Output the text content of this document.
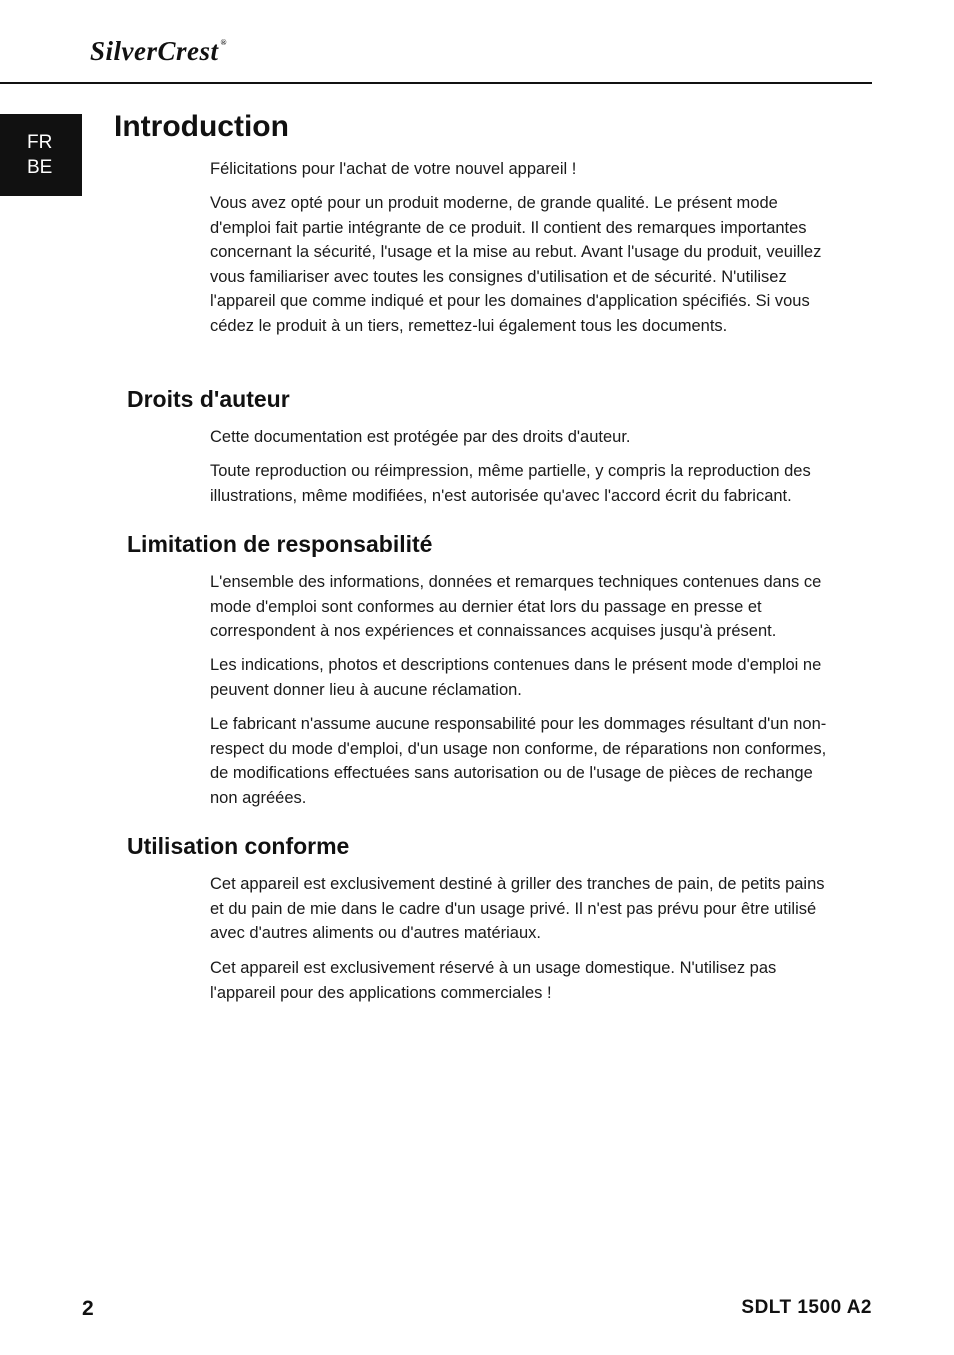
SilverCrest ®
FR
BE
Introduction

Félicitations pour l'achat de votre nouvel appareil !

Vous avez opté pour un produit moderne, de grande qualité. Le présent mode d'emploi fait partie intégrante de ce produit. Il contient des remarques importantes concernant la sécurité, l'usage et la mise au rebut. Avant l'usage du produit, veuillez vous familiariser avec toutes les consignes d'utilisation et de sécurité. N'utilisez l'appareil que comme indiqué et pour les domaines d'application spécifiés. Si vous cédez le produit à un tiers, remettez-lui également tous les documents.

Droits d'auteur

Cette documentation est protégée par des droits d'auteur.

Toute reproduction ou réimpression, même partielle, y compris la reproduction des illustrations, même modifiées, n'est autorisée qu'avec l'accord écrit du fabricant.

Limitation de responsabilité

L'ensemble des informations, données et remarques techniques contenues dans ce mode d'emploi sont conformes au dernier état lors du passage en presse et correspondent à nos expériences et connaissances acquises jusqu'à présent.

Les indications, photos et descriptions contenues dans le présent mode d'emploi ne peuvent donner lieu à aucune réclamation.

Le fabricant n'assume aucune responsabilité pour les dommages résultant d'un non-respect du mode d'emploi, d'un usage non conforme, de réparations non conformes, de modifications effectuées sans autorisation ou de l'usage de pièces de rechange non agréées.

Utilisation conforme

Cet appareil est exclusivement destiné à griller des tranches de pain, de petits pains et du pain de mie dans le cadre d'un usage privé. Il n'est pas prévu pour être utilisé avec d'autres aliments ou d'autres matériaux.

Cet appareil est exclusivement réservé à un usage domestique. N'utilisez pas l'appareil pour des applications commerciales !

2	SDLT 1500 A2
